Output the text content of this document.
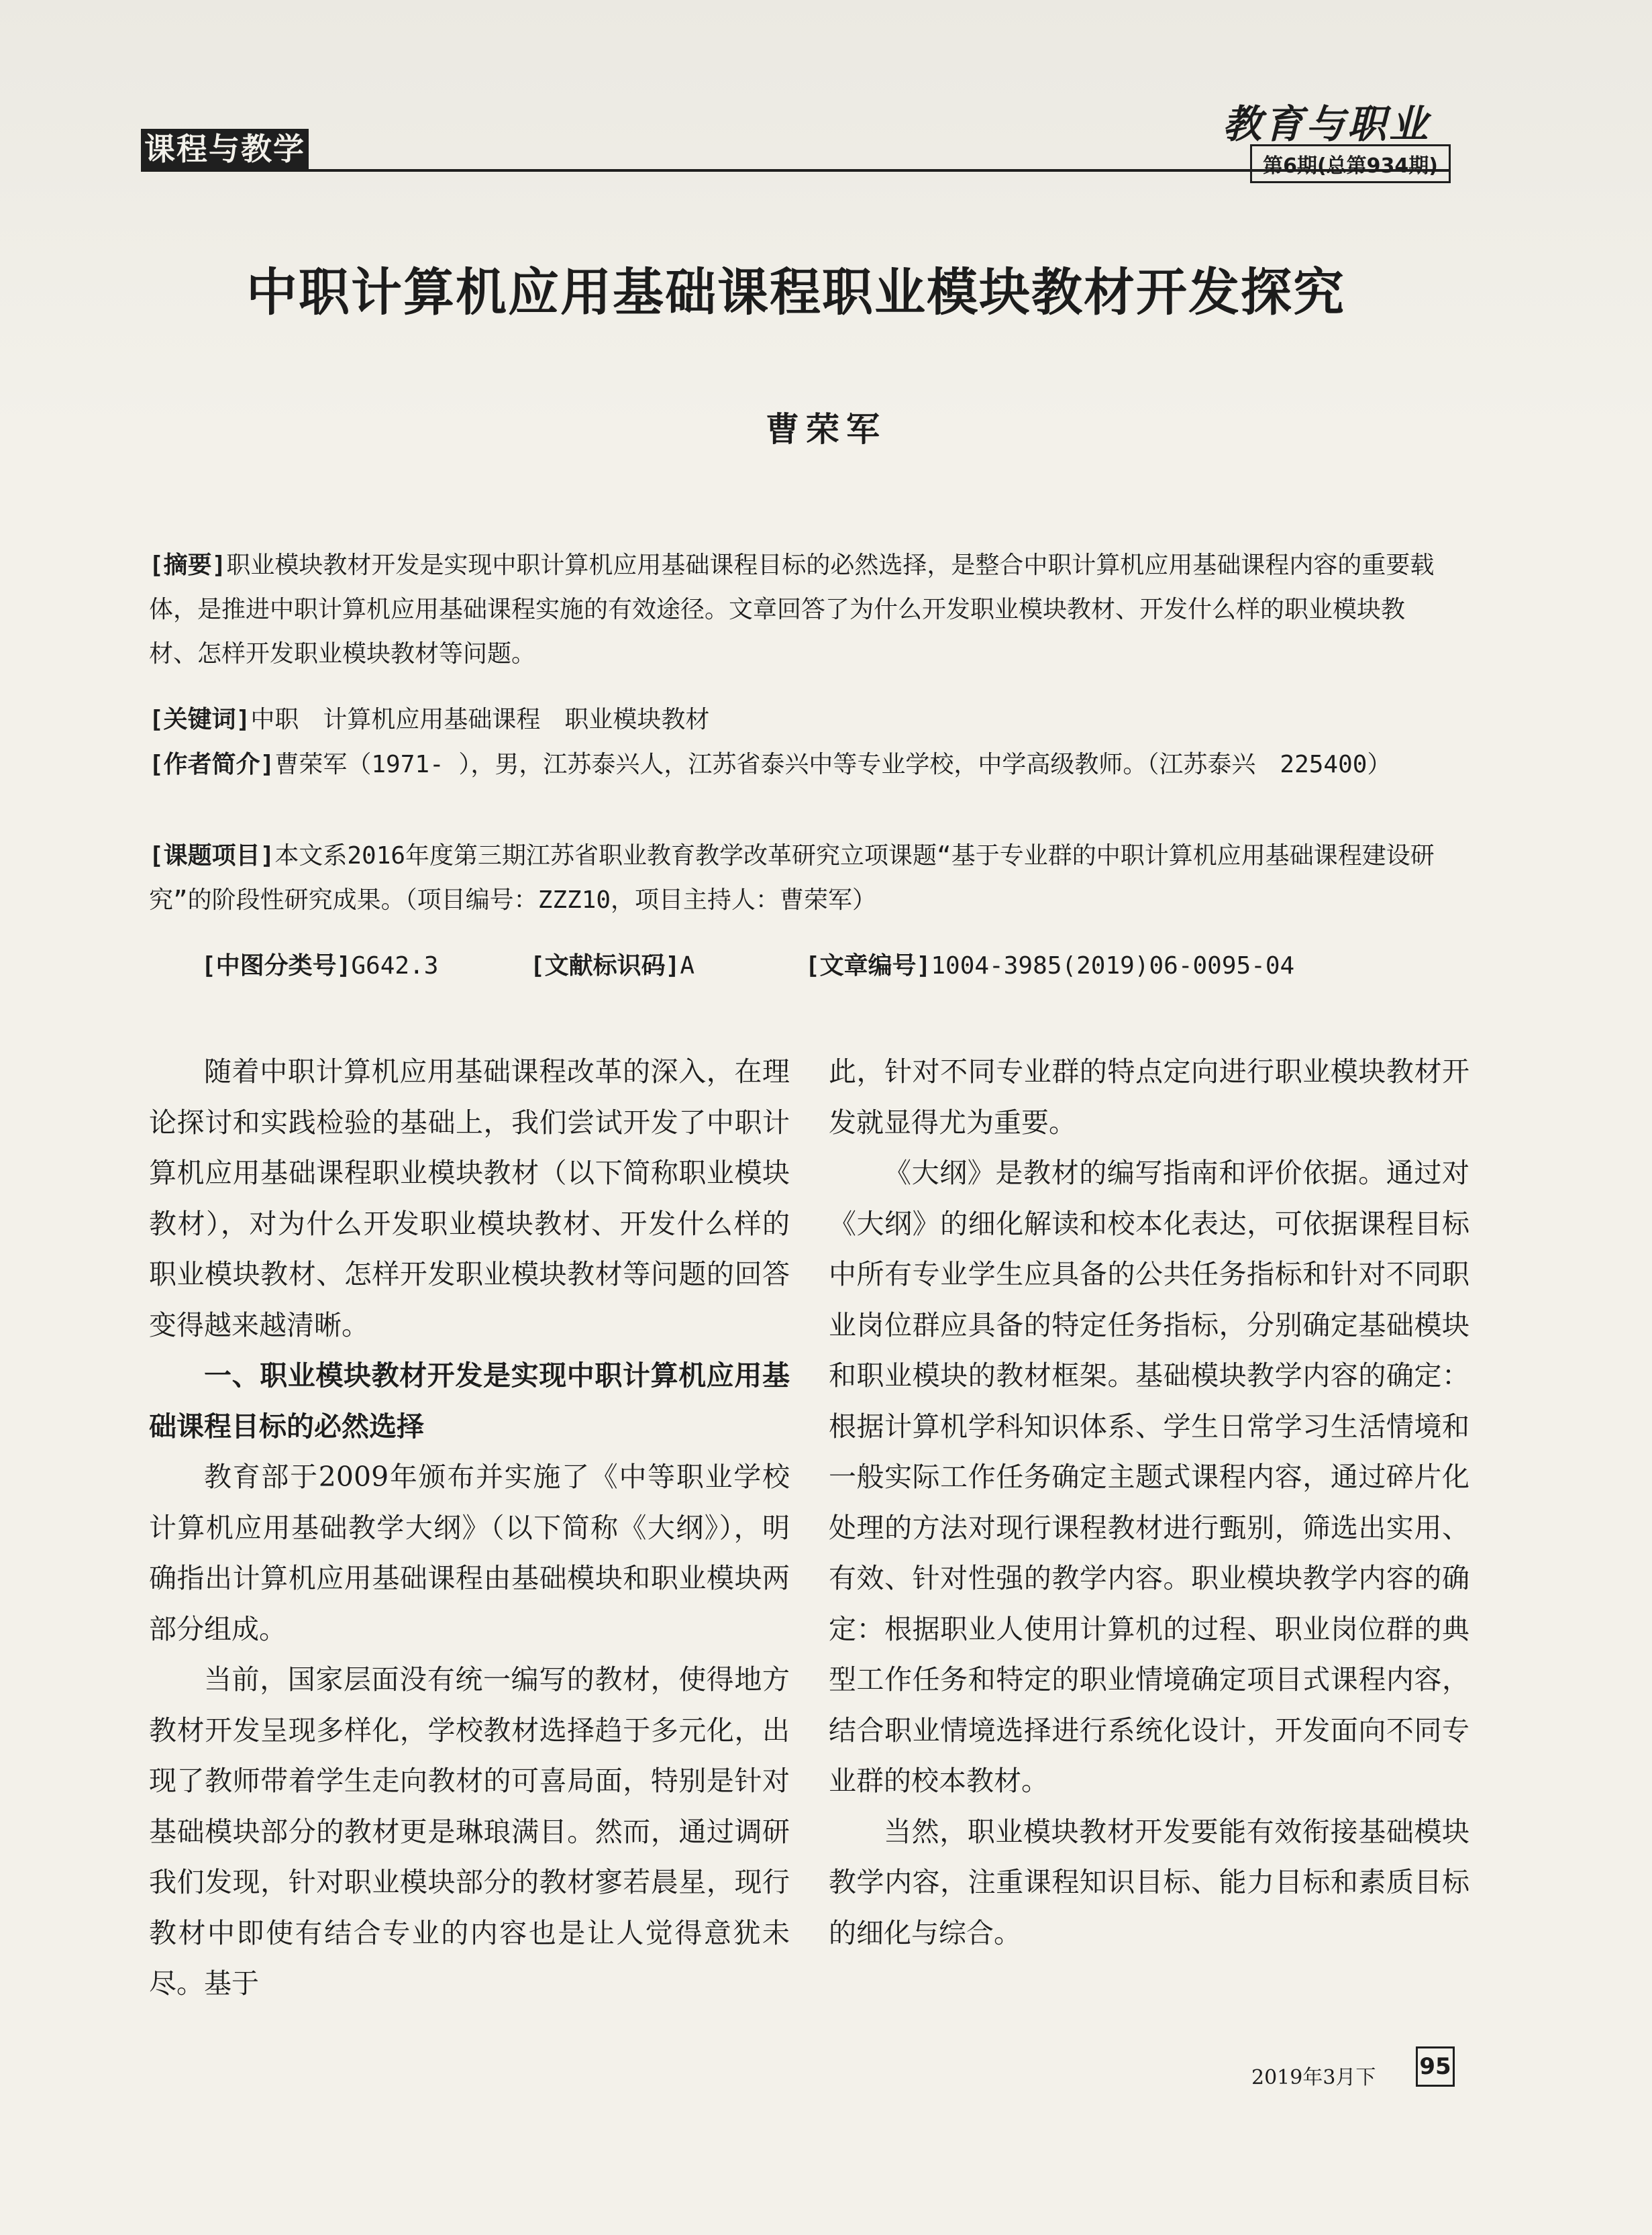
课程与教学
教育与职业
第6期(总第934期)
中职计算机应用基础课程职业模块教材开发探究
曹荣军

[摘要]职业模块教材开发是实现中职计算机应用基础课程目标的必然选择，是整合中职计算机应用基础课程内容的重要载体，是推进中职计算机应用基础课程实施的有效途径。文章回答了为什么开发职业模块教材、开发什么样的职业模块教材、怎样开发职业模块教材等问题。

[关键词]中职　计算机应用基础课程　职业模块教材

[作者简介]曹荣军（1971- ），男，江苏泰兴人，江苏省泰兴中等专业学校，中学高级教师。（江苏泰兴　225400）

[课题项目]本文系2016年度第三期江苏省职业教育教学改革研究立项课题“基于专业群的中职计算机应用基础课程建设研究”的阶段性研究成果。（项目编号：ZZZ10，项目主持人：曹荣军）

[中图分类号]G642.3	[文献标识码]A	[文章编号]1004-3985(2019)06-0095-04

随着中职计算机应用基础课程改革的深入，在理论探讨和实践检验的基础上，我们尝试开发了中职计算机应用基础课程职业模块教材（以下简称职业模块教材），对为什么开发职业模块教材、开发什么样的职业模块教材、怎样开发职业模块教材等问题的回答变得越来越清晰。

一、职业模块教材开发是实现中职计算机应用基础课程目标的必然选择

教育部于2009年颁布并实施了《中等职业学校计算机应用基础教学大纲》（以下简称《大纲》），明确指出计算机应用基础课程由基础模块和职业模块两部分组成。

当前，国家层面没有统一编写的教材，使得地方教材开发呈现多样化，学校教材选择趋于多元化，出现了教师带着学生走向教材的可喜局面，特别是针对基础模块部分的教材更是琳琅满目。然而，通过调研我们发现，针对职业模块部分的教材寥若晨星，现行教材中即使有结合专业的内容也是让人觉得意犹未尽。基于

此，针对不同专业群的特点定向进行职业模块教材开发就显得尤为重要。

《大纲》是教材的编写指南和评价依据。通过对《大纲》的细化解读和校本化表达，可依据课程目标中所有专业学生应具备的公共任务指标和针对不同职业岗位群应具备的特定任务指标，分别确定基础模块和职业模块的教材框架。基础模块教学内容的确定：根据计算机学科知识体系、学生日常学习生活情境和一般实际工作任务确定主题式课程内容，通过碎片化处理的方法对现行课程教材进行甄别，筛选出实用、有效、针对性强的教学内容。职业模块教学内容的确定：根据职业人使用计算机的过程、职业岗位群的典型工作任务和特定的职业情境确定项目式课程内容，结合职业情境选择进行系统化设计，开发面向不同专业群的校本教材。

当然，职业模块教材开发要能有效衔接基础模块教学内容，注重课程知识目标、能力目标和素质目标的细化与综合。

2019年3月下 95
